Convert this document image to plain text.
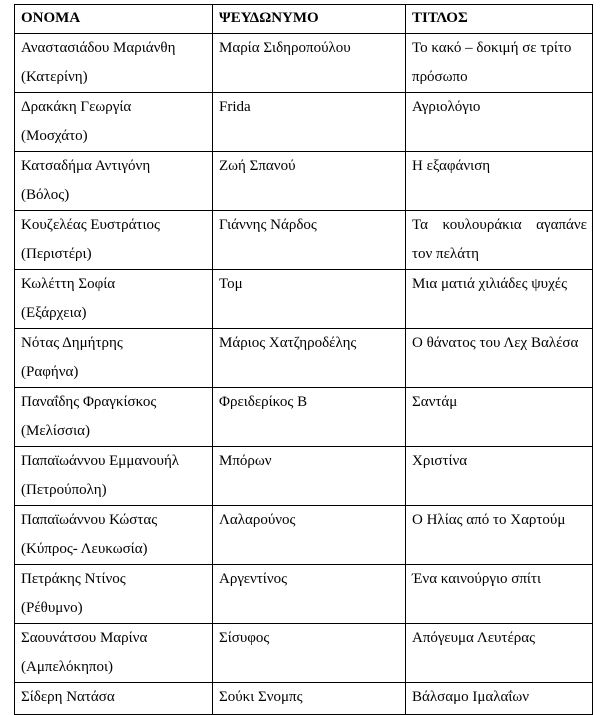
ΟΝΟΜΑ	ΨΕΥΔΩΝΥΜΟ	ΤΙΤΛΟΣ
Αναστασιάδου Μαριάνθη
(Κατερίνη)	Μαρία Σιδηροπούλου	Το κακό – δοκιμή σε τρίτο πρόσωπο
Δρακάκη Γεωργία
(Μοσχάτο)	Frida	Αγριολόγιο
Κατσαδήμα Αντιγόνη
(Βόλος)	Ζωή Σπανού	Η εξαφάνιση
Κουζελέας Ευστράτιος
(Περιστέρι)	Γιάννης Νάρδος	Τα κουλουράκια αγαπάνε τον πελάτη
Κωλέττη Σοφία
(Εξάρχεια)	Τομ	Μια ματιά χιλιάδες ψυχές
Νότας Δημήτρης
(Ραφήνα)	Μάριος Χατζηροδέλης	Ο θάνατος του Λεχ Βαλέσα
Παναΐδης Φραγκίσκος
(Μελίσσια)	Φρειδερίκος Β	Σαντάμ
Παπαϊωάννου Εμμανουήλ
(Πετρούπολη)	Μπόρων	Χριστίνα
Παπαϊωάννου Κώστας
(Κύπρος- Λευκωσία)	Λαλαρούνος	Ο Ηλίας από το Χαρτούμ
Πετράκης Ντίνος
(Ρέθυμνο)	Αργεντίνος	Ένα καινούργιο σπίτι
Σαουνάτσου Μαρίνα
(Αμπελόκηποι)	Σίσυφος	Απόγευμα Λευτέρας
Σίδερη Νατάσα	Σούκι Σνομπς	Βάλσαμο Ιμαλαΐων
